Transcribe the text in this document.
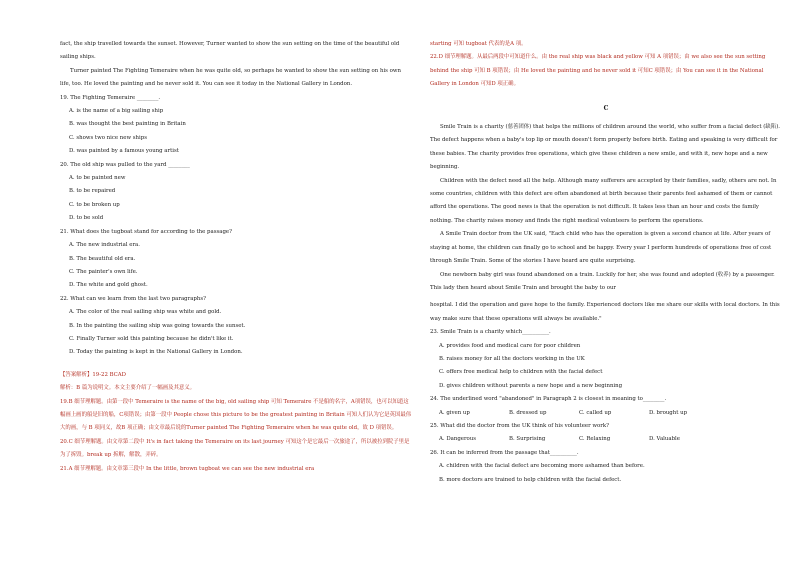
fact, the ship travelled towards the sunset. However, Turner wanted to show the sun setting on the time of the beautiful old sailing ships.

Turner painted The Fighting Temeraire when he was quite old, so perhaps he wanted to show the sun setting on his own life, too. He loved the painting and he never sold it. You can see it today in the National Gallery in London.

19. The Fighting Temeraire ________.

A. is the name of a big sailing ship

B. was thought the best painting in Britain

C. shows two nice new ships

D. was painted by a famous young artist

20. The old ship was pulled to the yard ________

A. to be painted new

B. to be repaired

C. to be broken up

D. to be sold

21. What does the tugboat stand for according to the passage?

A. The new industrial era.

B. The beautiful old era.

C. The painter's own life.

D. The white and gold ghost.

22. What can we learn from the last two paragraphs?

A. The color of the real sailing ship was white and gold.

B. In the painting the sailing ship was going towards the sunset.

C. Finally Turner sold this painting because he didn't like it.

D. Today the painting is kept in the National Gallery in London.

【答案解析】19-22 BCAD

解析：B 篇为说明文。本文主要介绍了一幅画及其意义。

19.B 细节理解题。由第一段中 Temeraire is the name of the big, old sailing ship 可知 Temeraire 不是船的名字，A项错误，也可以知道这幅画上画的船是旧的船，C项错误；由第一段中 People chose this picture to be the greatest painting in Britain 可知人们认为它是英国最伟大的画，与 B 项同义，故B 项正确；由文章最后说的Turner painted The Fighting Temeraire when he was quite old，故 D 项错误。

20.C 细节理解题。由文章第二段中 It's in fact taking the Temeraire on its last journey 可知这个是它最后一次旅途了，所以被拉到院子里是为了拆毁。break up 拆解，解散，弄碎。

21.A 细节理解题。由文章第三段中 In the little, brown tugboat we can see the new industrial era

starting 可知 tugboat 代表的是A 项。

22.D 细节理解题。从最后两段中可知道什么。由 the real ship was black and yellow 可知 A 项错误；由 we also see the sun setting behind the ship 可知 B 项错误；由 He loved the painting and he never sold it 可知C 项错误；由 You can see it in the National Gallery in London 可知D 项正确。

C

Smile Train is a charity (慈善团体) that helps the millions of children around the world, who suffer from a facial defect (缺陷). The defect happens when a baby's top lip or mouth doesn't form properly before birth. Eating and speaking is very difficult for these babies. The charity provides free operations, which give these children a new smile, and with it, new hope and a new beginning.

Children with the defect need all the help. Although many sufferers are accepted by their families, sadly, others are not. In some countries, children with this defect are often abandoned at birth because their parents feel ashamed of them or cannot afford the operations. The good news is that the operation is not difficult. It takes less than an hour and costs the family nothing. The charity raises money and finds the right medical volunteers to perform the operations.

A Smile Train doctor from the UK said, "Each child who has the operation is given a second chance at life. After years of staying at home, the children can finally go to school and be happy. Every year I perform hundreds of operations free of cost through Smile Train. Some of the stories I have heard are quite surprising.

One newborn baby girl was found abandoned on a train. Luckily for her, she was found and adopted (收养) by a passenger. This lady then heard about Smile Train and brought the baby to our

hospital. I did the operation and gave hope to the family. Experienced doctors like me share our skills with local doctors. In this way make sure that these operations will always be available."

23. Smile Train is a charity which__________.

A. provides food and medical care for poor children

B. raises money for all the doctors working in the UK

C. offers free medical help to children with the facial defect

D. gives children without parents a new hope and a new beginning

24. The underlined word "abandoned" in Paragraph 2 is closest in meaning to________.

A. given up	B. dressed up	C. called up	D. brought up

25. What did the doctor from the UK think of his volunteer work?

A. Dangerous	B. Surprising	C. Relaxing	D. Valuable

26. It can be inferred from the passage that__________.

A. children with the facial defect are becoming more ashamed than before.

B. more doctors are trained to help children with the facial defect.
